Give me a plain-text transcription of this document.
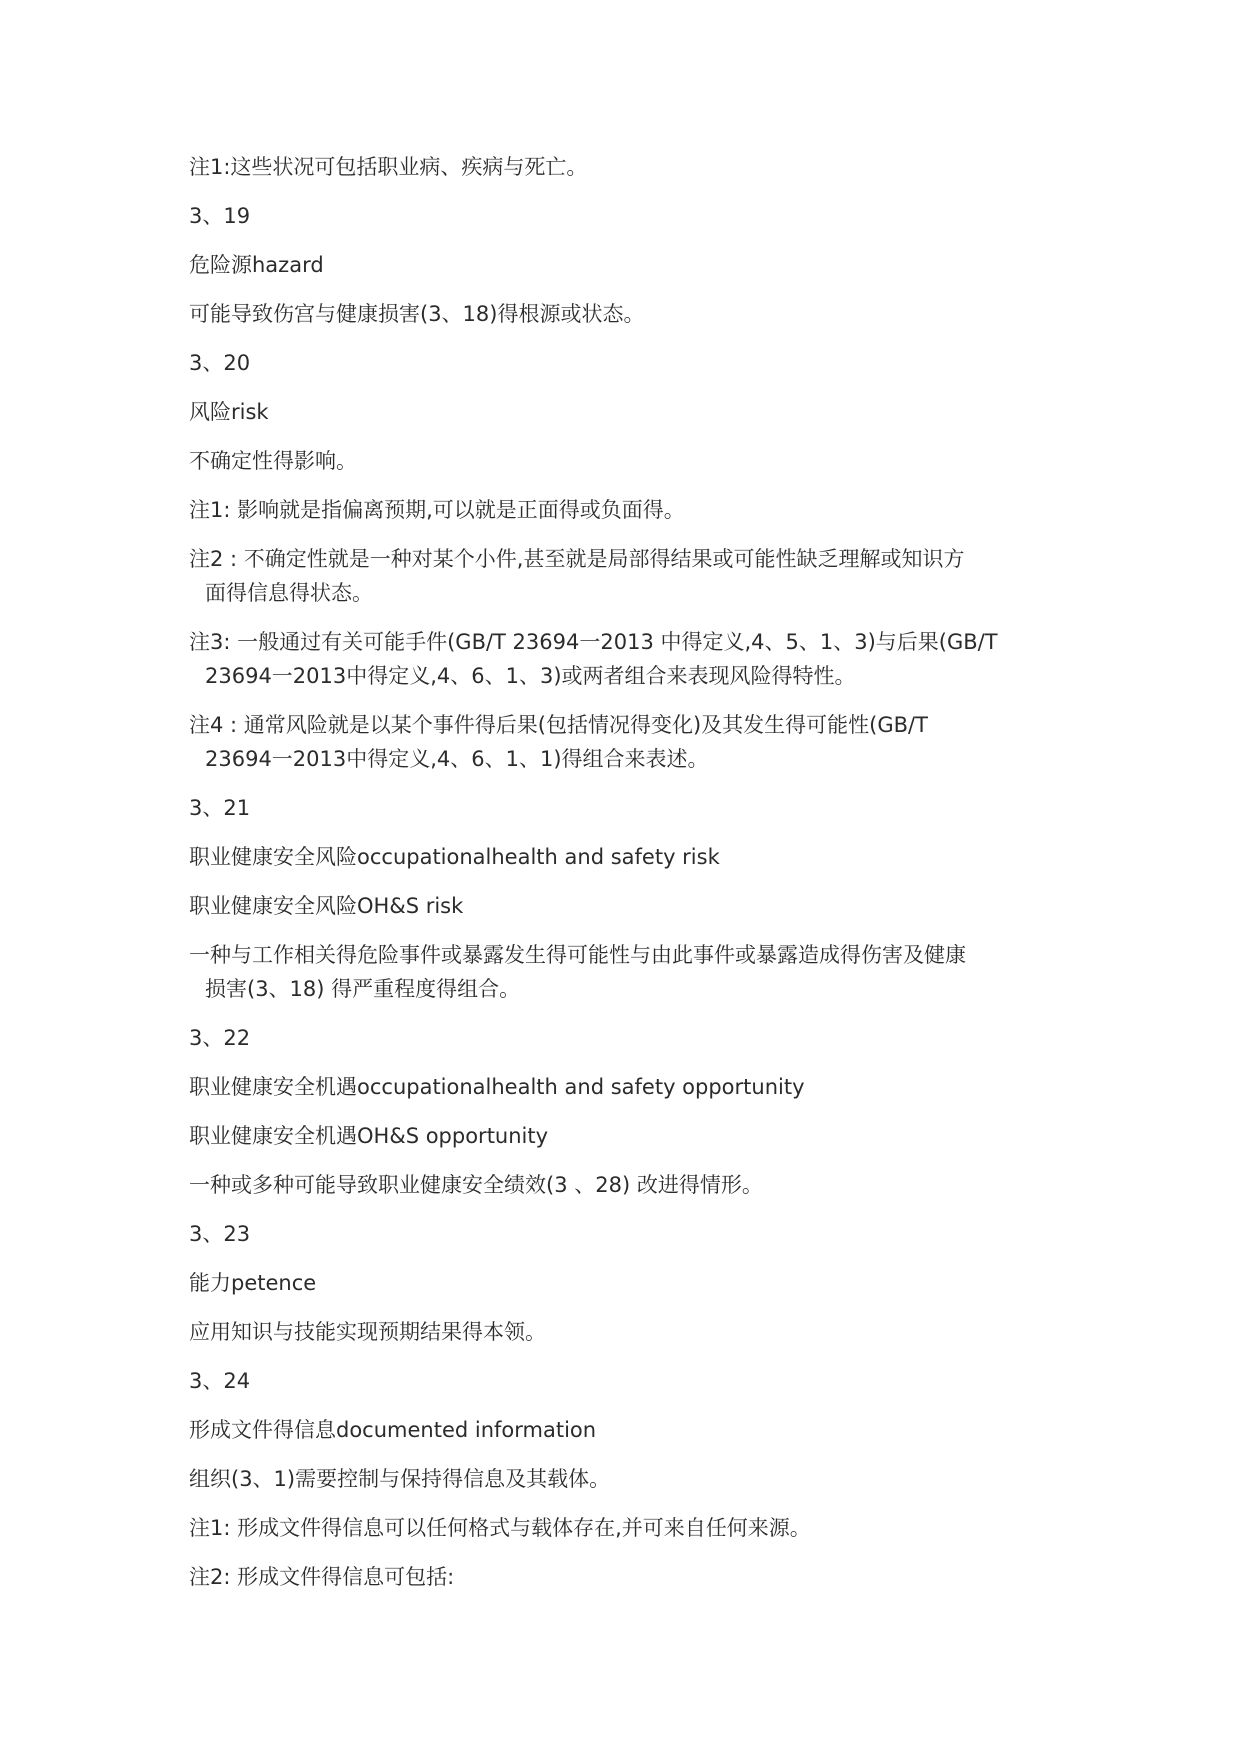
注1:这些状况可包括职业病、疾病与死亡。
3、19
危险源hazard
可能导致伤宫与健康损害(3、18)得根源或状态。
3、20
风险risk
不确定性得影响。
注1: 影响就是指偏离预期,可以就是正面得或负面得。
注2 : 不确定性就是一种对某个小件,甚至就是局部得结果或可能性缺乏理解或知识方
面得信息得状态。
注3: 一般通过有关可能手件(GB/T 23694一2013 中得定义,4、5、1、3)与后果(GB/T
23694一2013中得定义,4、6、1、3)或两者组合来表现风险得特性。
注4 : 通常风险就是以某个事件得后果(包括情况得变化)及其发生得可能性(GB/T
23694一2013中得定义,4、6、1、1)得组合来表述。
3、21
职业健康安全风险occupationalhealth and safety risk
职业健康安全风险OH&S risk
一种与工作相关得危险事件或暴露发生得可能性与由此事件或暴露造成得伤害及健康
损害(3、18) 得严重程度得组合。
3、22
职业健康安全机遇occupationalhealth and safety opportunity
职业健康安全机遇OH&S opportunity
一种或多种可能导致职业健康安全绩效(3 、28) 改进得情形。
3、23
能力petence
应用知识与技能实现预期结果得本领。
3、24
形成文件得信息documented information
组织(3、1)需要控制与保持得信息及其载体。
注1: 形成文件得信息可以任何格式与载体存在,并可来自任何来源。
注2: 形成文件得信息可包括:
